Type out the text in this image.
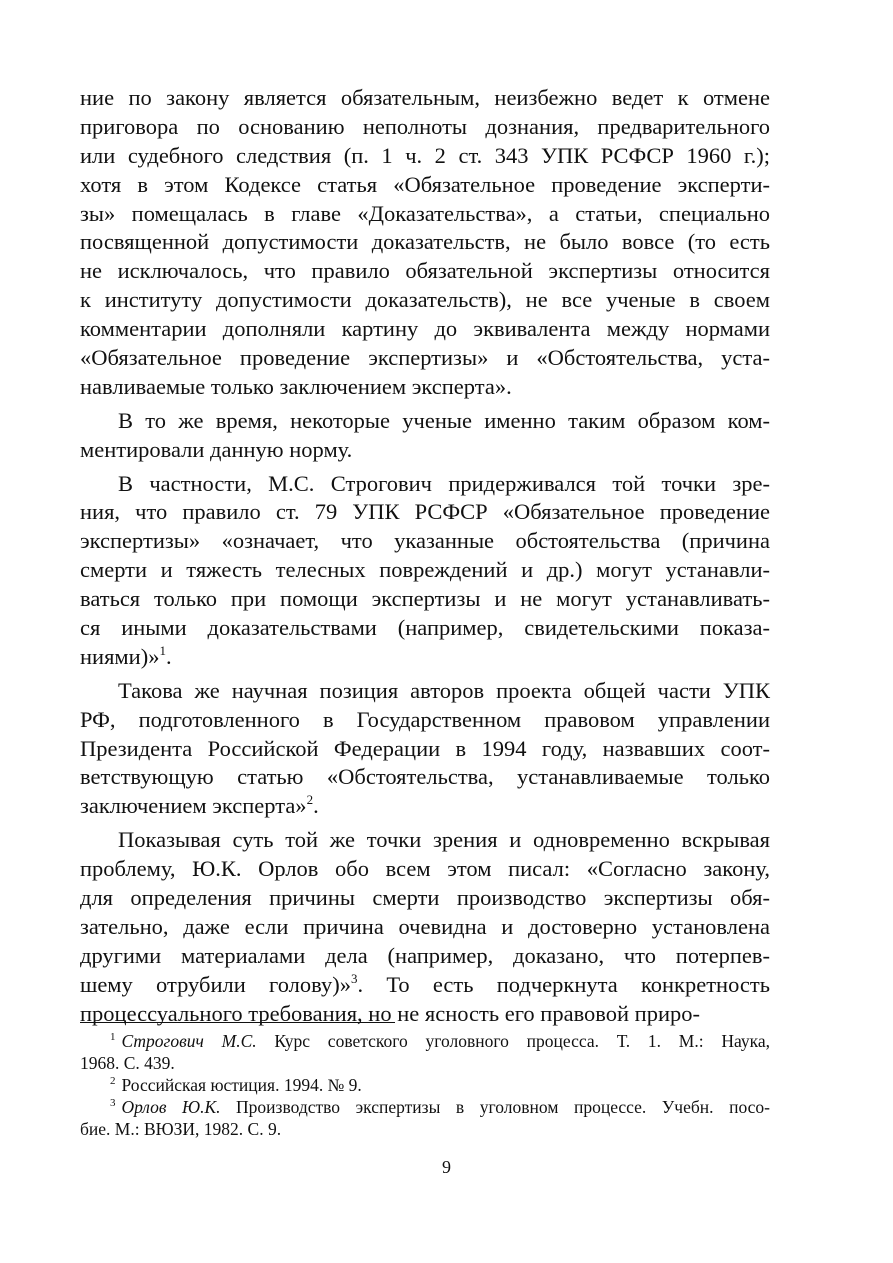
ние по закону является обязательным, неизбежно ведет к отмене
приговора по основанию неполноты дознания, предварительного
или судебного следствия (п. 1 ч. 2 ст. 343 УПК РСФСР 1960 г.);
хотя в этом Кодексе статья «Обязательное проведение эксперти-
зы» помещалась в главе «Доказательства», а статьи, специально
посвященной допустимости доказательств, не было вовсе (то есть
не исключалось, что правило обязательной экспертизы относится
к институту допустимости доказательств), не все ученые в своем
комментарии дополняли картину до эквивалента между нормами
«Обязательное проведение экспертизы» и «Обстоятельства, уста-
навливаемые только заключением эксперта».
В то же время, некоторые ученые именно таким образом ком-
ментировали данную норму.
В частности, М.С. Строгович придерживался той точки зре-
ния, что правило ст. 79 УПК РСФСР «Обязательное проведение
экспертизы» «означает, что указанные обстоятельства (причина
смерти и тяжесть телесных повреждений и др.) могут устанавли-
ваться только при помощи экспертизы и не могут устанавливать-
ся иными доказательствами (например, свидетельскими показа-
ниями)»$^1$.
Такова же научная позиция авторов проекта общей части УПК
РФ, подготовленного в Государственном правовом управлении
Президента Российской Федерации в 1994 году, назвавших соот-
ветствующую статью «Обстоятельства, устанавливаемые только
заключением эксперта»$^2$.
Показывая суть той же точки зрения и одновременно вскрывая
проблему, Ю.К. Орлов обо всем этом писал: «Согласно закону,
для определения причины смерти производство экспертизы обя-
зательно, даже если причина очевидна и достоверно установлена
другими материалами дела (например, доказано, что потерпев-
шему отрубили голову)»$^3$. То есть подчеркнута конкретность
процессуального требования, но не ясность его правовой приро-
$^1$ Строгович М.С. Курс советского уголовного процесса. Т. 1. М.: Наука,
1968. С. 439.
$^2$ Российская юстиция. 1994. № 9.
$^3$ Орлов Ю.К. Производство экспертизы в уголовном процессе. Учебн. посо-
бие. М.: ВЮЗИ, 1982. С. 9.
9
